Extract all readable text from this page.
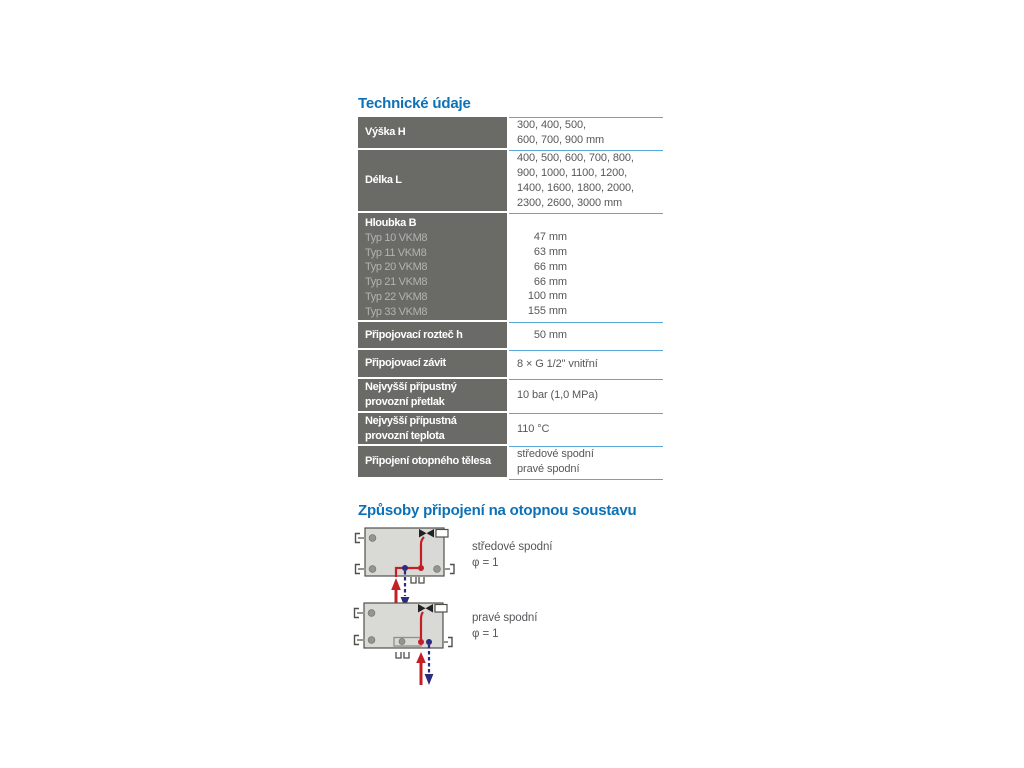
Technické údaje
Výška H
300, 400, 500,
600, 700, 900 mm
Délka L
400, 500, 600, 700, 800,
900, 1000, 1100, 1200,
1400, 1600, 1800, 2000,
2300, 2600, 3000 mm
Hloubka B
Typ 10 VKM8
Typ 11 VKM8
Typ 20 VKM8
Typ 21 VKM8
Typ 22 VKM8
Typ 33 VKM8
47 mm
63 mm
66 mm
66 mm
100 mm
155 mm
Připojovací rozteč h	50 mm
Připojovací závit	8 × G 1/2" vnitřní
Nejvyšší přípustný
provozní přetlak
10 bar (1,0 MPa)
Nejvyšší přípustná
provozní teplota
110 °C
Připojení otopného tělesa
středové spodní
pravé spodní
Způsoby připojení na otopnou soustavu
středové spodní
φ = 1
pravé spodní
φ = 1
